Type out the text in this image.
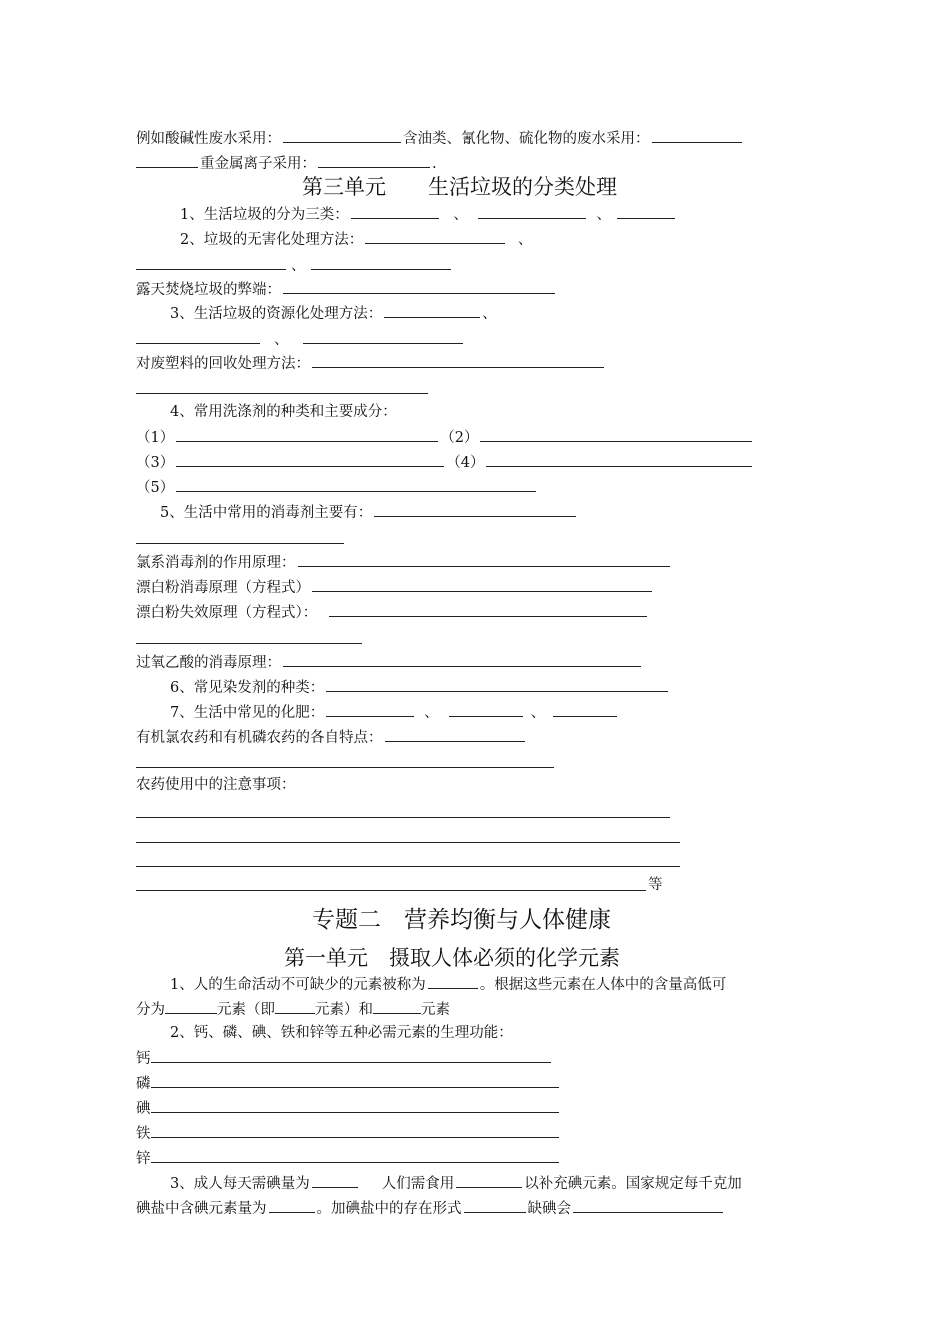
例如酸碱性废水采用：	含油类、氰化物、硫化物的废水采用：
重金属离子采用：	.
第三单元　　生活垃圾的分类处理
1、生活垃圾的分为三类：	、	、
2、垃圾的无害化处理方法：	、
、
露天焚烧垃圾的弊端：
3、生活垃圾的资源化处理方法：	、
、
对废塑料的回收处理方法：
4、常用洗涤剂的种类和主要成分：
（1）	（2）
（3）	（4）
（5）
5、生活中常用的消毒剂主要有：
氯系消毒剂的作用原理：
漂白粉消毒原理（方程式）
漂白粉失效原理（方程式）：
过氧乙酸的消毒原理：
6、常见染发剂的种类：
7、生活中常见的化肥：	、	、
有机氯农药和有机磷农药的各自特点：
农药使用中的注意事项：
等
专题二　营养均衡与人体健康
第一单元　摄取人体必须的化学元素
1、人的生命活动不可缺少的元素被称为	。根据这些元素在人体中的含量高低可
分为	元素（即	元素）和	元素
2、钙、磷、碘、铁和锌等五种必需元素的生理功能：
钙
磷
碘
铁
锌
3、成人每天需碘量为	人们需食用	以补充碘元素。国家规定每千克加
碘盐中含碘元素量为	。加碘盐中的存在形式	缺碘会
